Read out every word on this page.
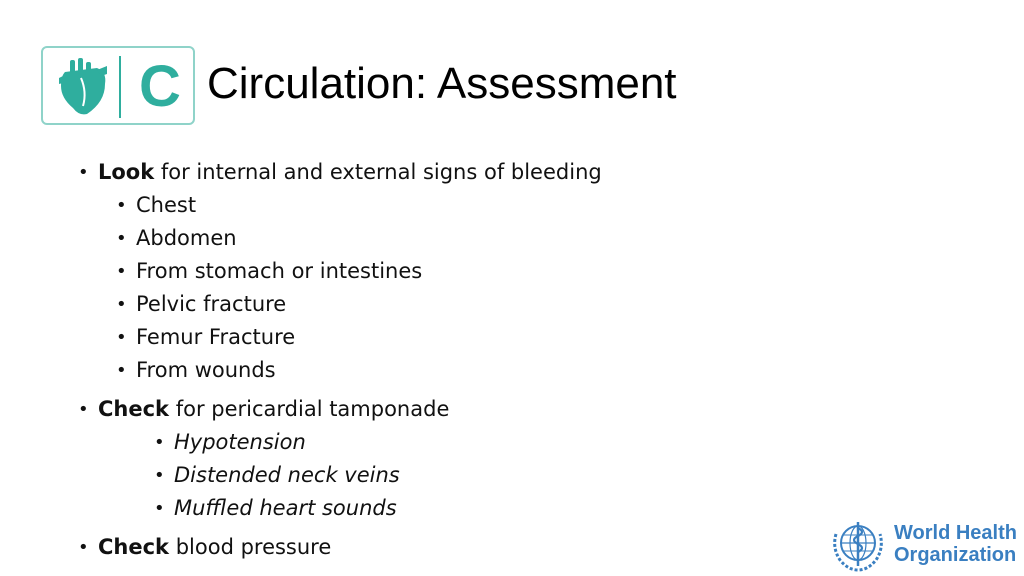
C Circulation: Assessment
• Look for internal and external signs of bleeding
• Chest
• Abdomen
• From stomach or intestines
• Pelvic fracture
• Femur Fracture
• From wounds
• Check for pericardial tamponade
• Hypotension
• Distended neck veins
• Muffled heart sounds
• Check blood pressure
World Health
Organization
